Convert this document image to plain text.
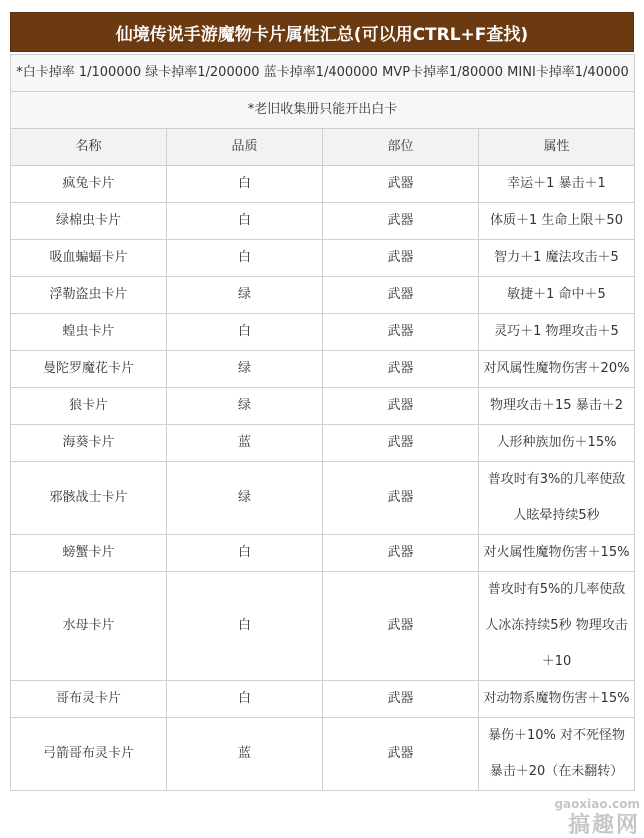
仙境传说手游魔物卡片属性汇总(可以用CTRL+F查找)
*白卡掉率 1/100000 绿卡掉率1/200000 蓝卡掉率1/400000 MVP卡掉率1/80000 MINI卡掉率1/40000			
*老旧收集册只能开出白卡			
名称	品质	部位	属性
疯兔卡片	白	武器	幸运＋1 暴击＋1
绿棉虫卡片	白	武器	体质＋1 生命上限＋50
吸血蝙蝠卡片	白	武器	智力＋1 魔法攻击＋5
浮勒盗虫卡片	绿	武器	敏捷＋1 命中＋5
蝗虫卡片	白	武器	灵巧＋1 物理攻击＋5
曼陀罗魔花卡片	绿	武器	对风属性魔物伤害＋20%
狼卡片	绿	武器	物理攻击＋15 暴击＋2
海葵卡片	蓝	武器	人形种族加伤＋15%
邪骸战士卡片	绿	武器	普攻时有3%的几率使敌人眩晕持续5秒
螃蟹卡片	白	武器	对火属性魔物伤害＋15%
水母卡片	白	武器	普攻时有5%的几率使敌人冰冻持续5秒 物理攻击＋10
哥布灵卡片	白	武器	对动物系魔物伤害＋15%
弓箭哥布灵卡片	蓝	武器	暴伤＋10% 对不死怪物暴击＋20（在未翻转）
gaoxiao.com
搞趣网
